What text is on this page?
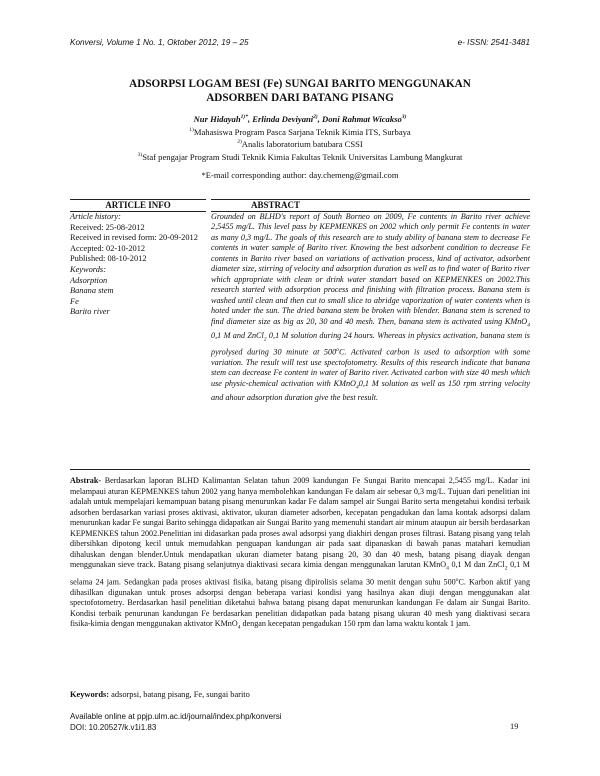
Konversi, Volume 1 No. 1, Oktober 2012, 19 – 25	e- ISSN: 2541-3481
ADSORPSI LOGAM BESI (Fe) SUNGAI BARITO MENGGUNAKAN
ADSORBEN DARI BATANG PISANG
Nur Hidayah$^{1)*}$, Erlinda Deviyani$^{2)}$, Doni Rahmat Wicakso$^{3)}$
$^{1)}$Mahasiswa Program Pasca Sarjana Teknik Kimia ITS, Surbaya
$^{2)}$Analis laboratorium batubara CSSI
$^{3)}$Staf pengajar Program Studi Teknik Kimia Fakultas Teknik Universitas Lambung Mangkurat
*E-mail corresponding author: day.chemeng@gmail.com
ARTICLE INFO
Article history:
Received: 25-08-2012
Received in revised form: 20-09-2012
Accepted: 02-10-2012
Published: 08-10-2012
Keywords:
Adsorption
Banana stem
Fe
Barito river
ABSTRACT
Grounded on BLHD's report of South Borneo on 2009, Fe contents in Barito river achieve 2,5455 mg/L. This level pass by KEPMENKES on 2002 which only permit Fe contents in water as many 0,3 mg/L. The goals of this research are to study ability of banana stem to decrease Fe contents in water sample of Barito river. Knowing the best adsorbent condition to decrease Fe contents in Barito river based on variations of activation process, kind of activator, adsorbent diameter size, stirring of velocity and adsorption duration as well as to find water of Barito river which appropriate with clean or drink water standart based on KEPMENKES on 2002.This research started with adsorption process and finishing with filtration process. Banana stem is washed until clean and then cut to small slice to abridge vaporization of water contents when is hoted under the sun. The dried banana stem be broken with blender. Banana stem is screned to find diameter size as big as 20, 30 and 40 mesh. Then, banana stem is activated using KMnO$_4$ 0,1 M and ZnCl$_2$ 0,1 M solution during 24 hours. Whereas in physics activation, banana stem is pyrolysed during 30 minute at 500$^o$C. Activated carbon is used to adsorption with some variation. The result will test use spectofotometry. Results of this research indicate that banana stem can decrease Fe content in water of Barito river. Activated carbon with size 40 mesh which use physic-chemical activation with KMnO$_4$0,1 M solution as well as 150 rpm strring velocity and ahour adsorption duration give the best result.
Abstrak- Berdasarkan laporan BLHD Kalimantan Selatan tahun 2009 kandungan Fe Sungai Barito mencapai 2,5455 mg/L. Kadar ini melampaui aturan KEPMENKES tahun 2002 yang hanya membolehkan kandungan Fe dalam air sebesar 0,3 mg/L. Tujuan dari penelitian ini adalah untuk mempelajari kemampuan batang pisang menurunkan kadar Fe dalam sampel air Sungai Barito serta mengetahui kondisi terbaik adsorben berdasarkan variasi proses aktivasi, aktivator, ukuran diameter adsorben, kecepatan pengadukan dan lama kontak adsorpsi dalam menurunkan kadar Fe sungai Barito sehingga didapatkan air Sungai Barito yang memenuhi standart air minum ataupun air bersih berdasarkan KEPMENKES tahun 2002.Penelitian ini didasarkan pada proses awal adsorpsi yang diakhiri dengan proses filtrasi. Batang pisang yang telah dibersihkan dipotong kecil untuk memudahkan penguapan kandungan air pada saat dipanaskan di bawah panas matahari kemudian dihaluskan dengan blender.Untuk mendapatkan ukuran diameter batang pisang 20, 30 dan 40 mesh, batang pisang diayak dengan menggunakan sieve track. Batang pisang selanjutnya diaktivasi secara kimia dengan menggunakan larutan KMnO$_4$ 0,1 M dan ZnCl$_2$ 0,1 M selama 24 jam. Sedangkan pada proses aktivasi fisika, batang pisang dipirolisis selama 30 menit dengan suhu 500$^o$C. Karbon aktif yang dihasilkan digunakan untuk proses adsorpsi dengan beberapa variasi kondisi yang hasilnya akan diuji dengan menggunakan alat spectofotometry. Berdasarkan hasil penelitian diketahui bahwa batang pisang dapat menurunkan kandungan Fe dalam air Sungai Barito. Kondisi terbaik penurunan kandungan Fe berdasarkan penelitian didapatkan pada batang pisang ukuran 40 mesh yang diaktivasi secara fisika-kimia dengan menggunakan aktivator KMnO$_4$ dengan kecepatan pengadukan 150 rpm dan lama waktu kontak 1 jam.
Keywords: adsorpsi, batang pisang, Fe, sungai barito
Available online at ppjp.ulm.ac.id/journal/index.php/konversi
DOI: 10.20527/k.v1i1.83	19
